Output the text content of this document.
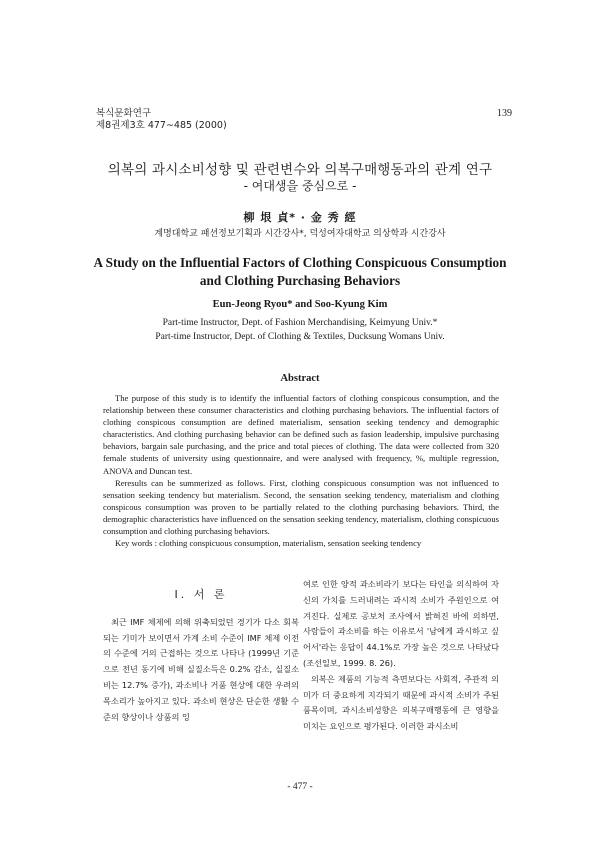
복식문화연구
제8권제3호 477∼485 (2000)
139
의복의 과시소비성향 및 관련변수와 의복구매행동과의 관계 연구
- 여대생을 중심으로 -
柳 垠 貞* · 金 秀 經
계명대학교 패션정보기획과 시간강사*, 덕성여자대학교 의상학과 시간강사
A Study on the Influential Factors of Clothing Conspicuous Consumption and Clothing Purchasing Behaviors
Eun-Jeong Ryou* and Soo-Kyung Kim
Part-time Instructor, Dept. of Fashion Merchandising, Keimyung Univ.*
Part-time Instructor, Dept. of Clothing & Textiles, Ducksung Womans Univ.
Abstract

The purpose of this study is to identify the influential factors of clothing conspicous consumption, and the relationship between these consumer characteristics and clothing purchasing behaviors. The influential factors of clothing conspicous consumption are defined materialism, sensation seeking tendency and demographic characteristics. And clothing purchasing behavior can be defined such as fasion leadership, impulsive purchasing behaviors, bargain sale purchasing, and the price and total pieces of clothing. The data were collected from 320 female students of university using questionnaire, and were analysed with frequency, %, multiple regression, ANOVA and Duncan test.

Reresults can be summerized as follows. First, clothing conspicuous consumption was not influenced to sensation seeking tendency but materialism. Second, the sensation seeking tendency, materialism and clothing conspicous consumption was proven to be partially related to the clothing purchasing behaviors. Third, the demographic characteristics have influenced on the sensation seeking tendency, materialism, clothing conspicuous consumption and clothing purchasing behaviors.

Key words : clothing conspicuous consumption, materialism, sensation seeking tendency

Ⅰ. 서 론

최근 IMF 체제에 의해 위축되었던 경기가 다소 회복되는 기미가 보이면서 가계 소비 수준이 IMF 체제 이전의 수준에 거의 근접하는 것으로 나타나 (1999년 기준으로 전년 동기에 비해 실질소득은 0.2% 감소, 실질소비는 12.7% 증가), 과소비나 거품 현상에 대한 우려의 목소리가 높아지고 있다. 과소비 현상은 단순한 생활 수준의 향상이나 상품의 잉

여로 인한 양적 과소비라기 보다는 타인을 의식하여 자신의 가치를 드러내려는 과시적 소비가 주원인으로 여겨진다. 실제로 공보처 조사에서 밝혀진 바에 의하면, 사람들이 과소비를 하는 이유로서 '남에게 과시하고 싶어서'라는 응답이 44.1%로 가장 높은 것으로 나타났다 (조선일보, 1999. 8. 26).

의복은 제품의 기능적 측면보다는 사회적, 주관적 의미가 더 중요하게 지각되기 때문에 과시적 소비가 주된 품목이며, 과시소비성향은 의복구매행동에 큰 영향을 미치는 요인으로 평가된다. 이러한 과시소비

- 477 -
